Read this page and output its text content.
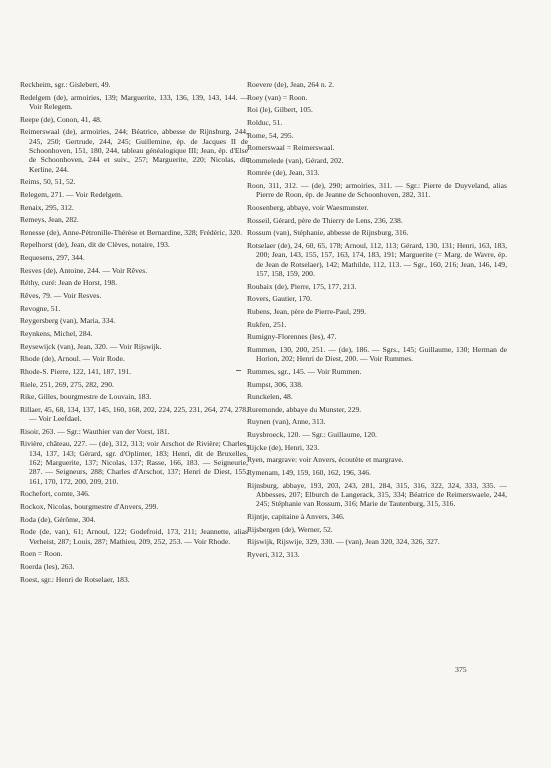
Reckheim, sgr.: Gislebert, 49.

Redelgem (de), armoiries, 139; Marguerite, 133, 136, 139, 143, 144. — Voir Relegem.

Reepe (de), Conon, 41, 48.

Reimerswaal (de), armoiries, 244; Béatrice, abbesse de Rijnsburg, 244, 245, 250; Gertrude, 244, 245; Guillemine, ép. de Jacques II de Schoonhoven, 151, 180, 244, tableau généalogique III; Jean, ép. d'Else de Schoonhoven, 244 et suiv., 257; Marguerite, 220; Nicolas, dit Kerline, 244.

Reims, 50, 51, 52.

Relegem, 271. — Voir Redelgem.

Renaix, 295, 312.

Remeys, Jean, 282.

Renesse (de), Anne-Pétronille-Thérèse et Bernardine, 328; Frédéric, 320.

Repelhorst (de), Jean, dit de Clèves, notaire, 193.

Requesens, 297, 344.

Resves (de), Antoine, 244. — Voir Rêves.

Réthy, curé: Jean de Horst, 198.

Rêves, 79. — Voir Resves.

Revogne, 51.

Reygersberg (van), Maria, 334.

Reynkens, Michel, 284.

Reysewijck (van), Jean, 320. — Voir Rijswijk.

Rhode (de), Arnoul. — Voir Rode.

Rhode-S. Pierre, 122, 141, 187, 191.

Riele, 251, 269, 275, 282, 290.

Rike, Gilles, bourgmestre de Louvain, 183.

Rillaer, 45, 68, 134, 137, 145, 160, 168, 202, 224, 225, 231, 264, 274, 278. — Voir Leefdael.

Risoir, 263. — Sgr.: Wauthier van der Vorst, 181.

Rivière, château, 227. — (de), 312, 313; voir Arschot de Rivière; Charles, 134, 137, 143; Gérard, sgr. d'Oplinter, 183; Henri, dit de Bruxelles, 162; Marguerite, 137; Nicolas, 137; Rasse, 166, 183. — Seigneurie, 287. — Seigneurs, 288; Charles d'Arschot, 137; Henri de Diest, 155, 161, 170, 172, 200, 209, 210.

Rochefort, comte, 346.

Rockox, Nicolas, bourgmestre d'Anvers, 299.

Roda (de), Gérôme, 304.

Rode (de, van), 61; Arnoul, 122; Godefroid, 173, 211; Jeannette, alias Verheist, 287; Louis, 287; Mathieu, 209, 252, 253. — Voir Rhode.

Roen = Roon.

Roerda (les), 263.

Roest, sgr.: Henri de Rotselaer, 183.

Roevere (de), Jean, 264 n. 2.

Roey (van) = Roon.

Roi (le), Gilbert, 105.

Rolduc, 51.

Rome, 54, 295.

Romerswaal = Reimerswaal.

Rommelede (van), Gérard, 202.

Romrée (de), Jean, 313.

Roon, 311, 312. — (de), 290; armoiries, 311. — Sgr.: Pierre de Duyveland, alias Pierre de Roon, ép. de Jeanne de Schoonhoven, 282, 311.

Roosenberg, abbaye, voir Waesmunster.

Rosseil, Gérard, père de Thierry de Lens, 236, 238.

Rossum (van), Stéphanie, abbesse de Rijnsburg, 316.

Rotselaer (de), 24, 60, 65, 178; Arnoul, 112, 113; Gérard, 130, 131; Henri, 163, 183, 200; Jean, 143, 155, 157, 163, 174, 183, 191; Marguerite (= Marg. de Wavre, ép. de Jean de Rotselaer), 142; Mathilde, 112, 113. — Sgr., 160, 216; Jean, 146, 149, 157, 158, 159, 200.

Roubaix (de), Pierre, 175, 177, 213.

Rovers, Gautier, 170.

Rubens, Jean, père de Pierre-Paul, 299.

Rukfen, 251.

Rumigny-Florennes (les), 47.

Rummen, 130, 200, 251. — (de), 186. — Sgrs., 145; Guillaume, 130; Herman de Horion, 202; Henri de Diest, 200. — Voir Rummes.

Rummes, sgr., 145. — Voir Rummen.

Rumpst, 306, 338.

Runckelen, 48.

Ruremonde, abbaye du Munster, 229.

Ruynen (van), Anne, 313.

Ruysbroeck, 120. — Sgr.: Guillaume, 120.

Rijcke (de), Henri, 323.

Ryen, margrave: voir Anvers, écoutète et margrave.

Rymenam, 149, 159, 160, 162, 196, 346.

Rijnsburg, abbaye, 193, 203, 243, 281, 284, 315, 316, 322, 324, 333, 335. — Abbesses, 207; Elburch de Langerack, 315, 334; Béatrice de Reimerswaele, 244, 245; Stéphanie van Rossum, 316; Marie de Tautenburg, 315, 316.

Rijntje, capitaine à Anvers, 346.

Rijsbergen (de), Werner, 52.

Rijswijk, Rijswije, 329, 330. — (van), Jean 320, 324, 326, 327.

Ryveri, 312, 313.

375
